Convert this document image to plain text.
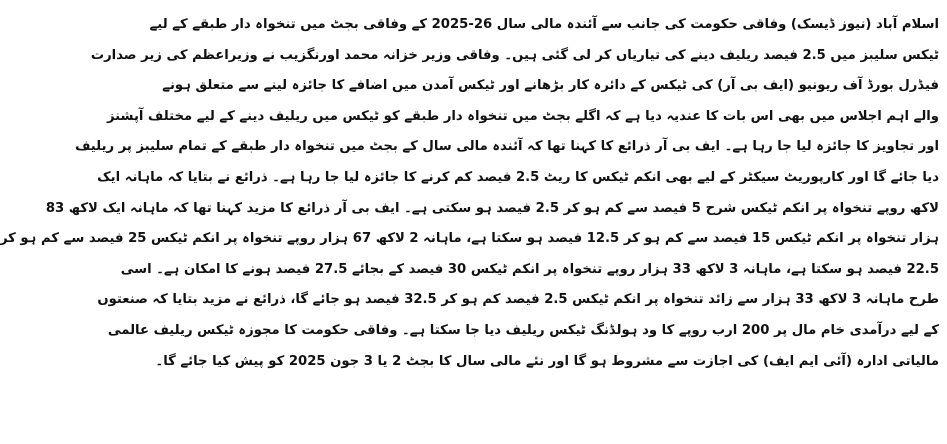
اسلام آباد (نیوز ڈیسک) وفاقی حکومت کی جانب سے آئندہ مالی سال 26-2025 کے وفاقی بجٹ میں تنخواہ دار طبقے کے لیے
ٹیکس سلیبز میں 2.5 فیصد ریلیف دینے کی تیاریاں کر لی گئی ہیں۔ وفاقی وزیر خزانہ محمد اورنگزیب نے وزیراعظم کی زیر صدارت
فیڈرل بورڈ آف ریونیو (ایف بی آر) کی ٹیکس کے دائرہ کار بڑھانے اور ٹیکس آمدن میں اضافے کا جائزہ لینے سے متعلق ہونے
والے اہم اجلاس میں بھی اس بات کا عندیہ دیا ہے کہ اگلے بجٹ میں تنخواہ دار طبقے کو ٹیکس میں ریلیف دینے کے لیے مختلف آپشنز
اور تجاویز کا جائزہ لیا جا رہا ہے۔ ایف بی آر ذرائع کا کہنا تھا کہ آئندہ مالی سال کے بجٹ میں تنخواہ دار طبقے کے تمام سلیبز پر ریلیف
دیا جائے گا اور کارپوریٹ سیکٹر کے لیے بھی انکم ٹیکس کا ریٹ 2.5 فیصد کم کرنے کا جائزہ لیا جا رہا ہے۔ ذرائع نے بتایا کہ ماہانہ ایک
لاکھ روپے تنخواہ پر انکم ٹیکس شرح 5 فیصد سے کم ہو کر 2.5 فیصد ہو سکتی ہے۔ ایف بی آر ذرائع کا مزید کہنا تھا کہ ماہانہ ایک لاکھ 83
ہزار تنخواہ پر انکم ٹیکس 15 فیصد سے کم ہو کر 12.5 فیصد ہو سکتا ہے، ماہانہ 2 لاکھ 67 ہزار روپے تنخواہ پر انکم ٹیکس 25 فیصد سے کم ہو کر
22.5 فیصد ہو سکتا ہے، ماہانہ 3 لاکھ 33 ہزار روپے تنخواہ پر انکم ٹیکس 30 فیصد کے بجائے 27.5 فیصد ہونے کا امکان ہے۔ اسی
طرح ماہانہ 3 لاکھ 33 ہزار سے زائد تنخواہ پر انکم ٹیکس 2.5 فیصد کم ہو کر 32.5 فیصد ہو جائے گا، ذرائع نے مزید بتایا کہ صنعتوں
کے لیے درآمدی خام مال پر 200 ارب روپے کا ود ہولڈنگ ٹیکس ریلیف دیا جا سکتا ہے۔ وفاقی حکومت کا مجوزہ ٹیکس ریلیف عالمی
مالیاتی ادارہ (آئی ایم ایف) کی اجازت سے مشروط ہو گا اور نئے مالی سال کا بجٹ 2 یا 3 جون 2025 کو پیش کیا جائے گا۔
